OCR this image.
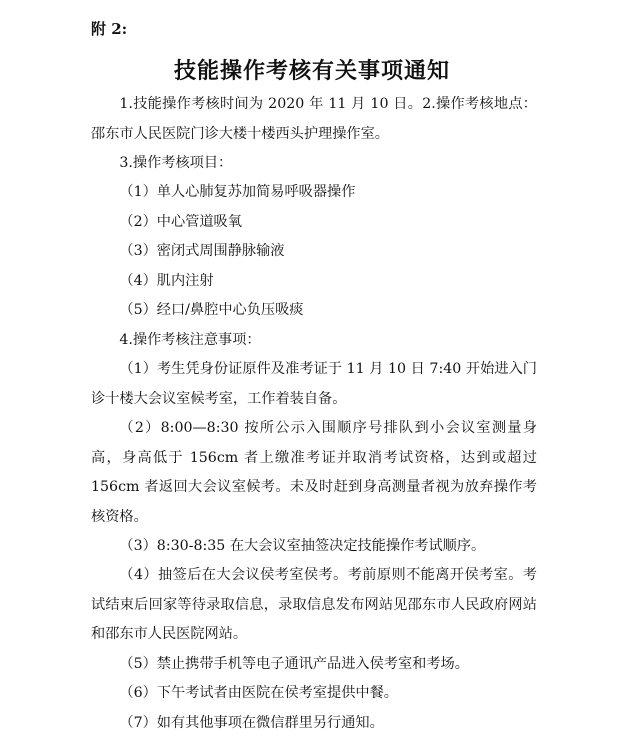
附 2:
技能操作考核有关事项通知
1.技能操作考核时间为 2020 年 11 月 10 日。2.操作考核地点：邵东市人民医院门诊大楼十楼西头护理操作室。
3.操作考核项目：
（1）单人心肺复苏加简易呼吸器操作
（2）中心管道吸氧
（3）密闭式周围静脉输液
（4）肌内注射
（5）经口/鼻腔中心负压吸痰
4.操作考核注意事项：
（1）考生凭身份证原件及准考证于 11 月 10 日 7:40 开始进入门诊十楼大会议室候考室，工作着装自备。
（2）8:00—8:30 按所公示入围顺序号排队到小会议室测量身高，身高低于 156cm 者上缴准考证并取消考试资格，达到或超过 156cm 者返回大会议室候考。未及时赶到身高测量者视为放弃操作考核资格。
（3）8:30-8:35 在大会议室抽签决定技能操作考试顺序。
（4）抽签后在大会议侯考室侯考。考前原则不能离开侯考室。考试结束后回家等待录取信息，录取信息发布网站见邵东市人民政府网站和邵东市人民医院网站。
（5）禁止携带手机等电子通讯产品进入侯考室和考场。
（6）下午考试者由医院在侯考室提供中餐。
（7）如有其他事项在微信群里另行通知。
